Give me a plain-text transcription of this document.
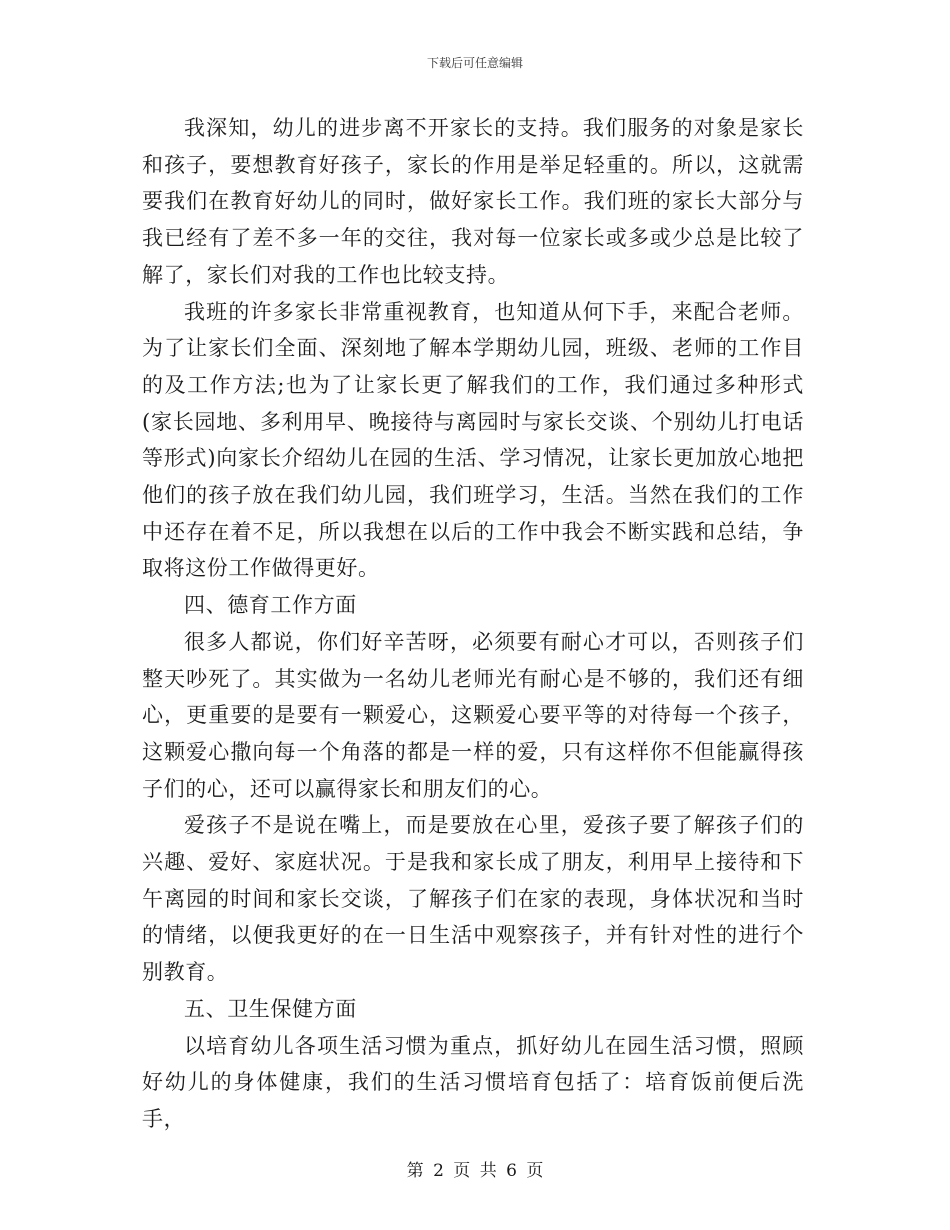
下载后可任意编辑

我深知，幼儿的进步离不开家长的支持。我们服务的对象是家长和孩子，要想教育好孩子，家长的作用是举足轻重的。所以，这就需要我们在教育好幼儿的同时，做好家长工作。我们班的家长大部分与我已经有了差不多一年的交往，我对每一位家长或多或少总是比较了解了，家长们对我的工作也比较支持。

我班的许多家长非常重视教育，也知道从何下手，来配合老师。为了让家长们全面、深刻地了解本学期幼儿园，班级、老师的工作目的及工作方法;也为了让家长更了解我们的工作，我们通过多种形式(家长园地、多利用早、晚接待与离园时与家长交谈、个别幼儿打电话等形式)向家长介绍幼儿在园的生活、学习情况，让家长更加放心地把他们的孩子放在我们幼儿园，我们班学习，生活。当然在我们的工作中还存在着不足，所以我想在以后的工作中我会不断实践和总结，争取将这份工作做得更好。

四、德育工作方面

很多人都说，你们好辛苦呀，必须要有耐心才可以，否则孩子们整天吵死了。其实做为一名幼儿老师光有耐心是不够的，我们还有细心，更重要的是要有一颗爱心，这颗爱心要平等的对待每一个孩子，这颗爱心撒向每一个角落的都是一样的爱，只有这样你不但能赢得孩子们的心，还可以赢得家长和朋友们的心。

爱孩子不是说在嘴上，而是要放在心里，爱孩子要了解孩子们的兴趣、爱好、家庭状况。于是我和家长成了朋友，利用早上接待和下午离园的时间和家长交谈，了解孩子们在家的表现，身体状况和当时的情绪，以便我更好的在一日生活中观察孩子，并有针对性的进行个别教育。

五、卫生保健方面

以培育幼儿各项生活习惯为重点，抓好幼儿在园生活习惯，照顾好幼儿的身体健康，我们的生活习惯培育包括了：培育饭前便后洗手，

第 2 页 共 6 页
